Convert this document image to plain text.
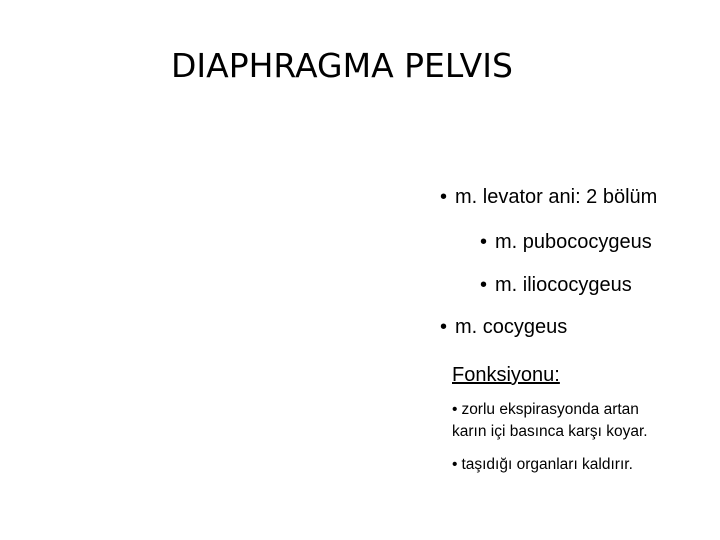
DIAPHRAGMA PELVIS
• m. levator ani: 2 bölüm
• m. pubococygeus
• m. iliococygeus
• m. cocygeus
Fonksiyonu:
• zorlu ekspirasyonda artan
karın içi basınca karşı koyar.
• taşıdığı organları kaldırır.
